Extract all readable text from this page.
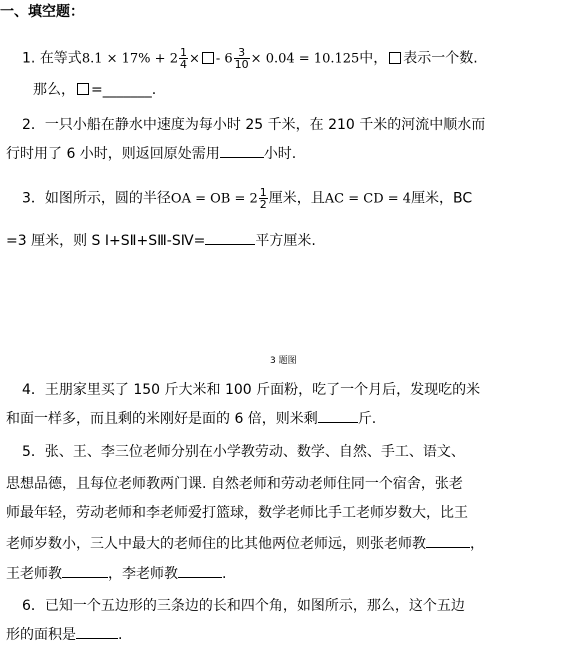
一、填空题：
1. 在等式$8.1 \times 17\% + 2 \frac{1}{4}$ × - $6 \frac{3}{10} \times 0.04 = 10.125$中， 表示一个数.
那么， =_______.
2．一只小船在静水中速度为每小时 25 千米，在 210 千米的河流中顺水而
行时用了 6 小时，则返回原处需用	小时.
3．如图所示，圆的半径OA = OB = $2 \frac{1}{2}$ 厘米，且AC = CD = 4厘米，BC
=3 厘米，则 S Ⅰ+SⅡ+SⅢ-SⅣ=	平方厘米.
3 题图
4．王朋家里买了 150 斤大米和 100 斤面粉，吃了一个月后，发现吃的米
和面一样多，而且剩的米刚好是面的 6 倍，则米剩	斤.
5．张、王、李三位老师分别在小学教劳动、数学、自然、手工、语文、
思想品德，且每位老师教两门课. 自然老师和劳动老师住同一个宿舍，张老
师最年轻，劳动老师和李老师爱打篮球，数学老师比手工老师岁数大，比王
老师岁数小，三人中最大的老师住的比其他两位老师远，则张老师教	，
王老师教	，李老师教	.
6．已知一个五边形的三条边的长和四个角，如图所示，那么，这个五边
形的面积是	.
